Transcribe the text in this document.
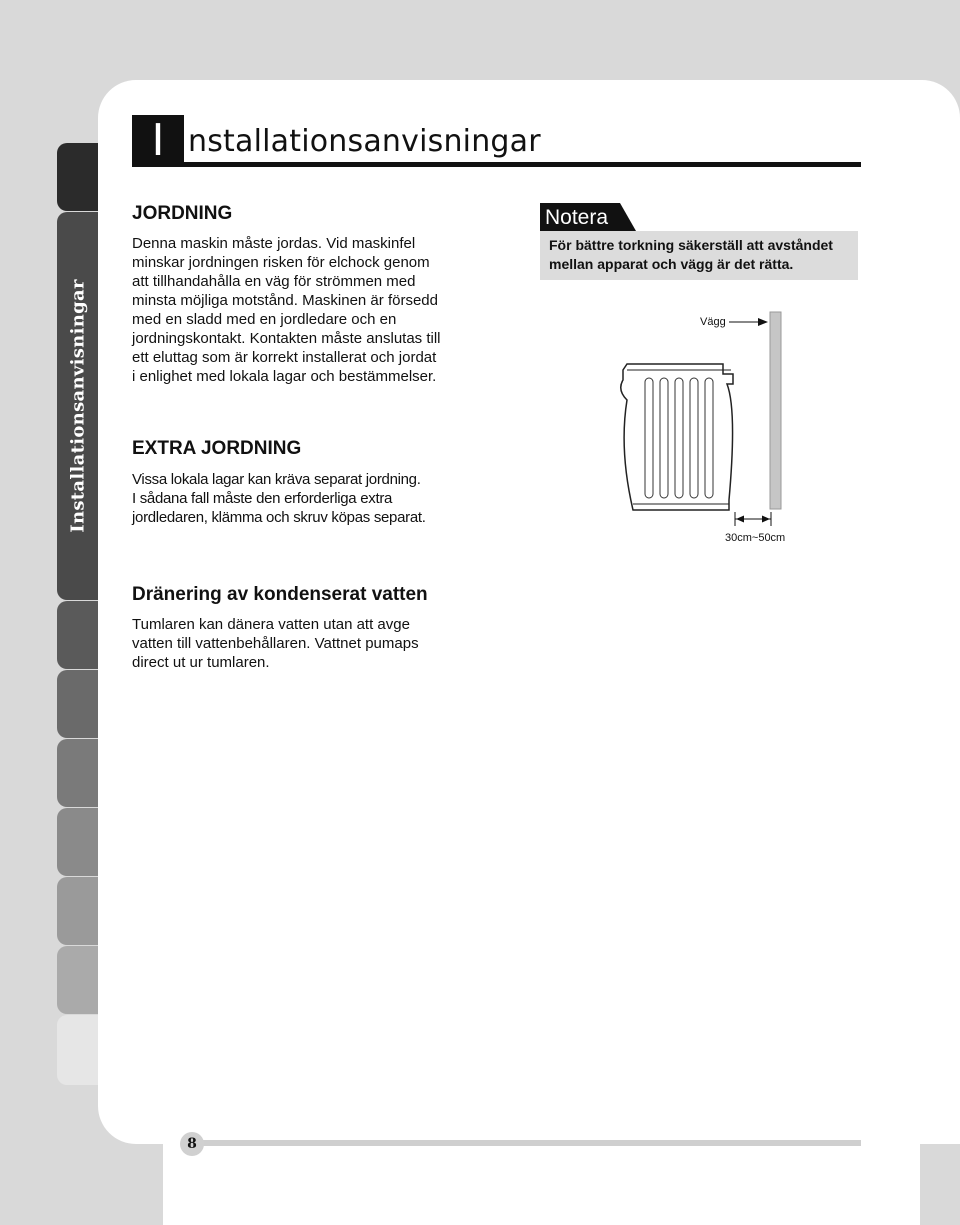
Installationsanvisningar
I nstallationsanvisningar
JORDNING
Denna maskin måste jordas. Vid maskinfel
minskar jordningen risken för elchock genom
att tillhandahålla en väg för strömmen med
minsta möjliga motstånd. Maskinen är försedd
med en sladd med en jordledare och en
jordningskontakt. Kontakten måste anslutas till
ett eluttag som är korrekt installerat och jordat
i enlighet med lokala lagar och bestämmelser.
EXTRA JORDNING
Vissa lokala lagar kan kräva separat jordning.
I sådana fall måste den erforderliga extra
jordledaren, klämma och skruv köpas separat.
Dränering av kondenserat vatten
Tumlaren kan dänera vatten utan att avge
vatten till vattenbehållaren. Vattnet pumaps
direct ut ur tumlaren.
Notera
För bättre torkning säkerställ att avståndet
mellan apparat och vägg är det rätta.
Vägg
30cm~50cm
8
